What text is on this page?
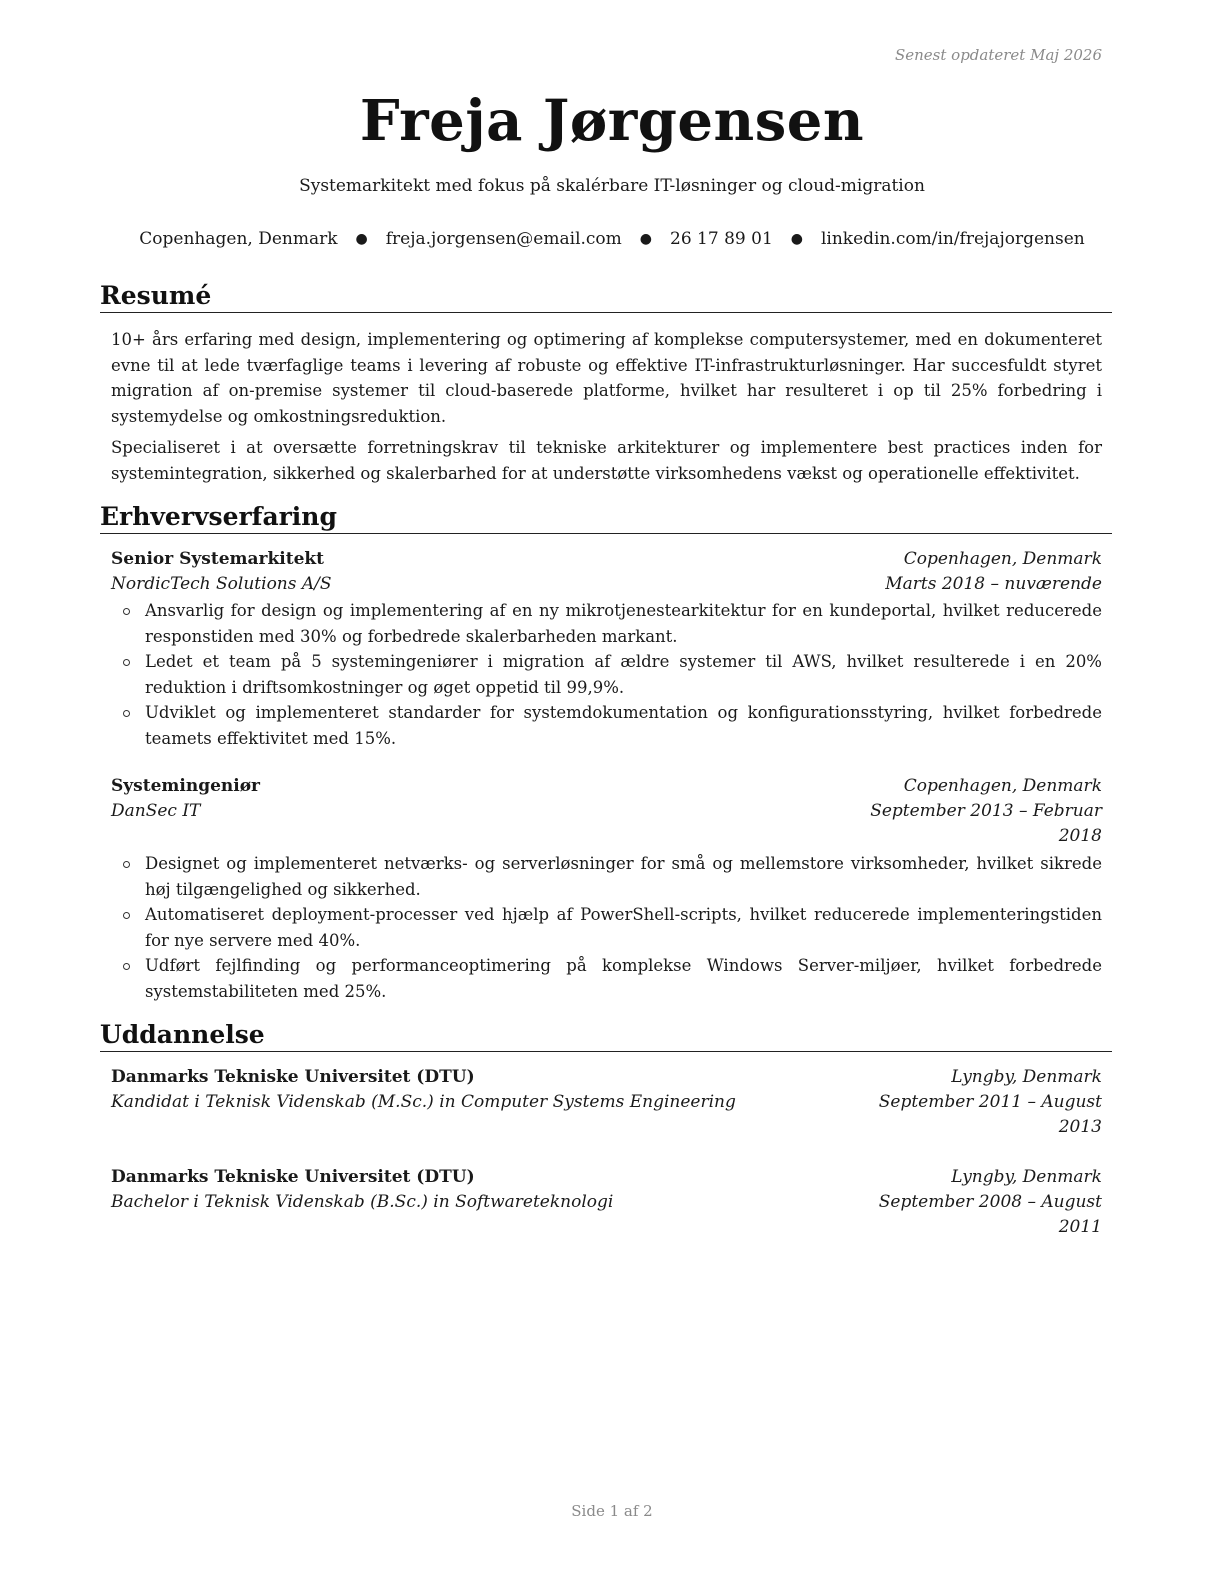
Senest opdateret Maj 2026
Freja Jørgensen
Systemarkitekt med fokus på skalérbare IT-løsninger og cloud-migration
Copenhagen, Denmark ● freja.jorgensen@email.com ● 26 17 89 01 ● linkedin.com/in/frejajorgensen
Resumé
10+ års erfaring med design, implementering og optimering af komplekse computersystemer, med en dokumenteret evne til at lede tværfaglige teams i levering af robuste og effektive IT-infrastrukturløsninger. Har succesfuldt styret migration af on-premise systemer til cloud-baserede platforme, hvilket har resulteret i op til 25% forbedring i systemydelse og omkostningsreduktion.
Specialiseret i at oversætte forretningskrav til tekniske arkitekturer og implementere best practices inden for systemintegration, sikkerhed og skalerbarhed for at understøtte virksomhedens vækst og operationelle effektivitet.
Erhvervserfaring
Senior Systemarkitekt	Copenhagen, Denmark
NordicTech Solutions A/S	Marts 2018 – nuværende
Ansvarlig for design og implementering af en ny mikrotjenestearkitektur for en kundeportal, hvilket reducerede responstiden med 30% og forbedrede skalerbarheden markant.
Ledet et team på 5 systemingeniører i migration af ældre systemer til AWS, hvilket resulterede i en 20% reduktion i driftsomkostninger og øget oppetid til 99,9%.
Udviklet og implementeret standarder for systemdokumentation og konfigurationsstyring, hvilket forbedrede teamets effektivitet med 15%.
Systemingeniør	Copenhagen, Denmark
DanSec IT	September 2013 – Februar 2018
Designet og implementeret netværks- og serverløsninger for små og mellemstore virksomheder, hvilket sikrede høj tilgængelighed og sikkerhed.
Automatiseret deployment-processer ved hjælp af PowerShell-scripts, hvilket reducerede implementeringstiden for nye servere med 40%.
Udført fejlfinding og performanceoptimering på komplekse Windows Server-miljøer, hvilket forbedrede systemstabiliteten med 25%.
Uddannelse
Danmarks Tekniske Universitet (DTU)	Lyngby, Denmark
Kandidat i Teknisk Videnskab (M.Sc.) in Computer Systems Engineering	September 2011 – August 2013
Danmarks Tekniske Universitet (DTU)	Lyngby, Denmark
Bachelor i Teknisk Videnskab (B.Sc.) in Softwareteknologi	September 2008 – August 2011
Side 1 af 2
